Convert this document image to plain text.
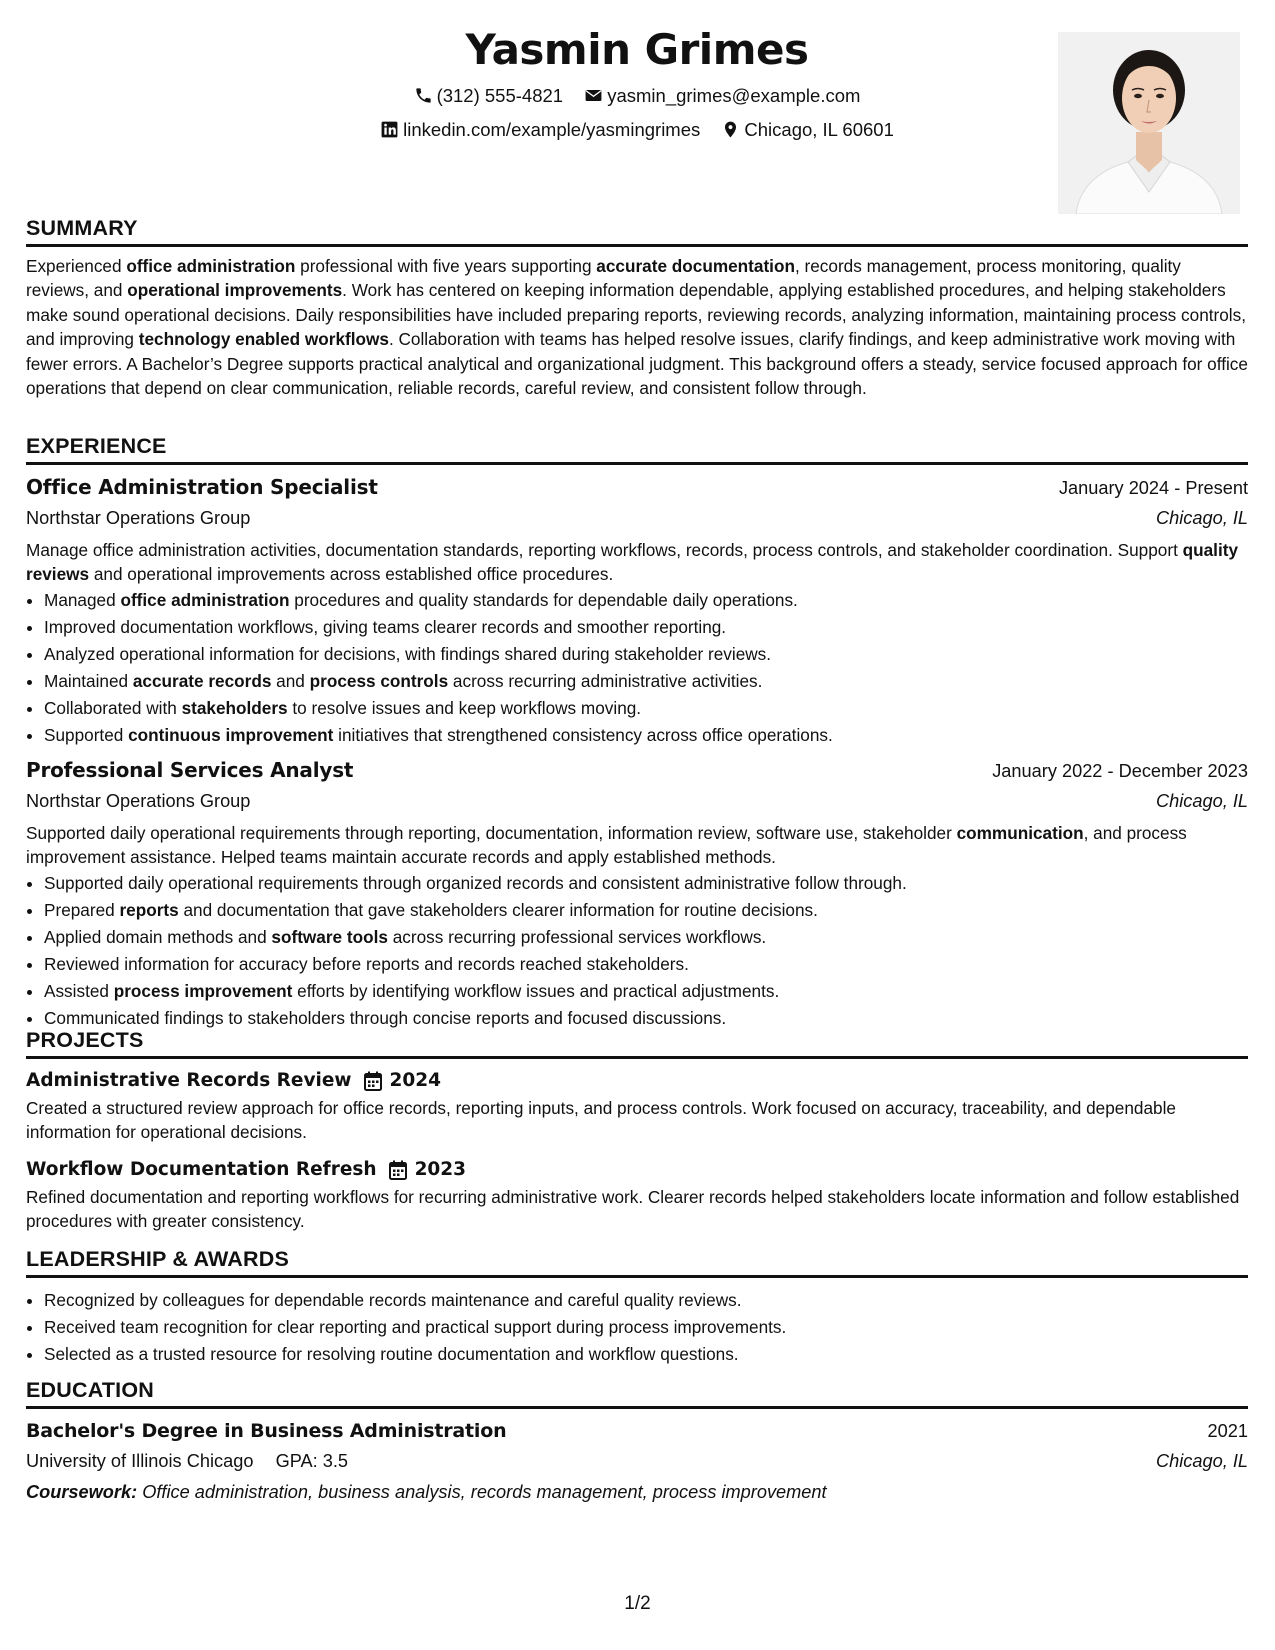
Yasmin Grimes
(312) 555-4821
yasmin_grimes@example.com
linkedin.com/example/yasmingrimes
Chicago, IL 60601
SUMMARY

Experienced office administration professional with five years supporting accurate documentation, records management, process monitoring, quality reviews, and operational improvements. Work has centered on keeping information dependable, applying established procedures, and helping stakeholders make sound operational decisions. Daily responsibilities have included preparing reports, reviewing records, analyzing information, maintaining process controls, and improving technology enabled workflows. Collaboration with teams has helped resolve issues, clarify findings, and keep administrative work moving with fewer errors. A Bachelor’s Degree supports practical analytical and organizational judgment. This background offers a steady, service focused approach for office operations that depend on clear communication, reliable records, careful review, and consistent follow through.

EXPERIENCE
Office Administration Specialist	January 2024 - Present
Northstar Operations Group	Chicago, IL

Manage office administration activities, documentation standards, reporting workflows, records, process controls, and stakeholder coordination. Support quality reviews and operational improvements across established office procedures.

• Managed office administration procedures and quality standards for dependable daily operations.
• Improved documentation workflows, giving teams clearer records and smoother reporting.
• Analyzed operational information for decisions, with findings shared during stakeholder reviews.
• Maintained accurate records and process controls across recurring administrative activities.
• Collaborated with stakeholders to resolve issues and keep workflows moving.
• Supported continuous improvement initiatives that strengthened consistency across office operations.
Professional Services Analyst	January 2022 - December 2023
Northstar Operations Group	Chicago, IL

Supported daily operational requirements through reporting, documentation, information review, software use, stakeholder communication, and process improvement assistance. Helped teams maintain accurate records and apply established methods.

• Supported daily operational requirements through organized records and consistent administrative follow through.
• Prepared reports and documentation that gave stakeholders clearer information for routine decisions.
• Applied domain methods and software tools across recurring professional services workflows.
• Reviewed information for accuracy before reports and records reached stakeholders.
• Assisted process improvement efforts by identifying workflow issues and practical adjustments.
• Communicated findings to stakeholders through concise reports and focused discussions.
PROJECTS
Administrative Records Review 2024

Created a structured review approach for office records, reporting inputs, and process controls. Work focused on accuracy, traceability, and dependable information for operational decisions.

Workflow Documentation Refresh 2023

Refined documentation and reporting workflows for recurring administrative work. Clearer records helped stakeholders locate information and follow established procedures with greater consistency.

LEADERSHIP & AWARDS
• Recognized by colleagues for dependable records maintenance and careful quality reviews.
• Received team recognition for clear reporting and practical support during process improvements.
• Selected as a trusted resource for resolving routine documentation and workflow questions.
EDUCATION
Bachelor's Degree in Business Administration	2021
University of Illinois Chicago GPA: 3.5	Chicago, IL
Coursework: Office administration, business analysis, records management, process improvement
1/2
